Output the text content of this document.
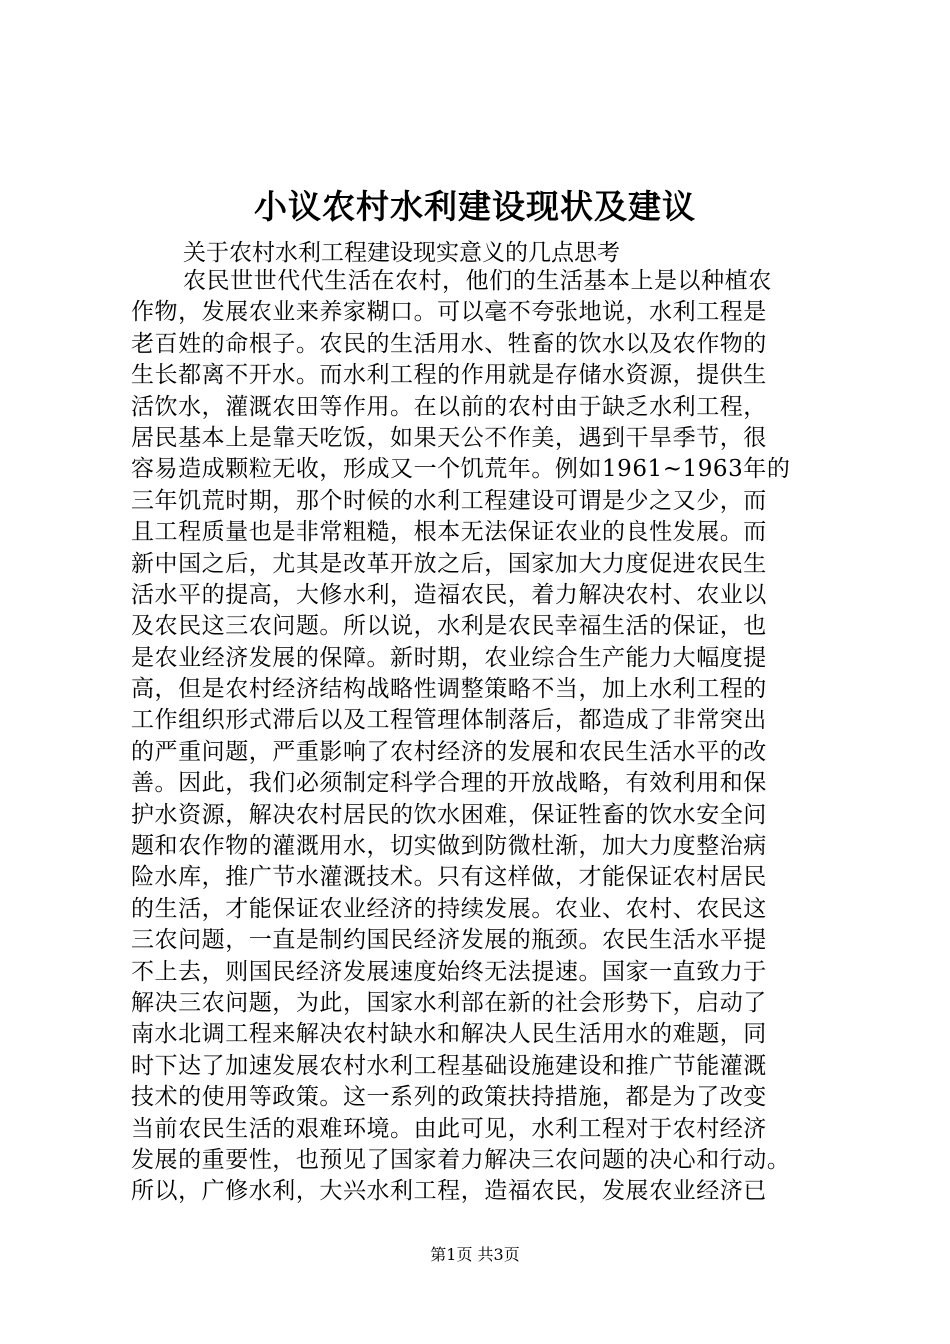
小议农村水利建设现状及建议
关于农村水利工程建设现实意义的几点思考
农民世世代代生活在农村，他们的生活基本上是以种植农
作物，发展农业来养家糊口。可以毫不夸张地说，水利工程是
老百姓的命根子。农民的生活用水、牲畜的饮水以及农作物的
生长都离不开水。而水利工程的作用就是存储水资源，提供生
活饮水，灌溉农田等作用。在以前的农村由于缺乏水利工程，
居民基本上是靠天吃饭，如果天公不作美，遇到干旱季节，很
容易造成颗粒无收，形成又一个饥荒年。例如1961~1963年的
三年饥荒时期，那个时候的水利工程建设可谓是少之又少，而
且工程质量也是非常粗糙，根本无法保证农业的良性发展。而
新中国之后，尤其是改革开放之后，国家加大力度促进农民生
活水平的提高，大修水利，造福农民，着力解决农村、农业以
及农民这三农问题。所以说，水利是农民幸福生活的保证，也
是农业经济发展的保障。新时期，农业综合生产能力大幅度提
高，但是农村经济结构战略性调整策略不当，加上水利工程的
工作组织形式滞后以及工程管理体制落后，都造成了非常突出
的严重问题，严重影响了农村经济的发展和农民生活水平的改
善。因此，我们必须制定科学合理的开放战略，有效利用和保
护水资源，解决农村居民的饮水困难，保证牲畜的饮水安全问
题和农作物的灌溉用水，切实做到防微杜渐，加大力度整治病
险水库，推广节水灌溉技术。只有这样做，才能保证农村居民
的生活，才能保证农业经济的持续发展。农业、农村、农民这
三农问题，一直是制约国民经济发展的瓶颈。农民生活水平提
不上去，则国民经济发展速度始终无法提速。国家一直致力于
解决三农问题，为此，国家水利部在新的社会形势下，启动了
南水北调工程来解决农村缺水和解决人民生活用水的难题，同
时下达了加速发展农村水利工程基础设施建设和推广节能灌溉
技术的使用等政策。这一系列的政策扶持措施，都是为了改变
当前农民生活的艰难环境。由此可见，水利工程对于农村经济
发展的重要性，也预见了国家着力解决三农问题的决心和行动。
所以，广修水利，大兴水利工程，造福农民，发展农业经济已
第1页 共3页
